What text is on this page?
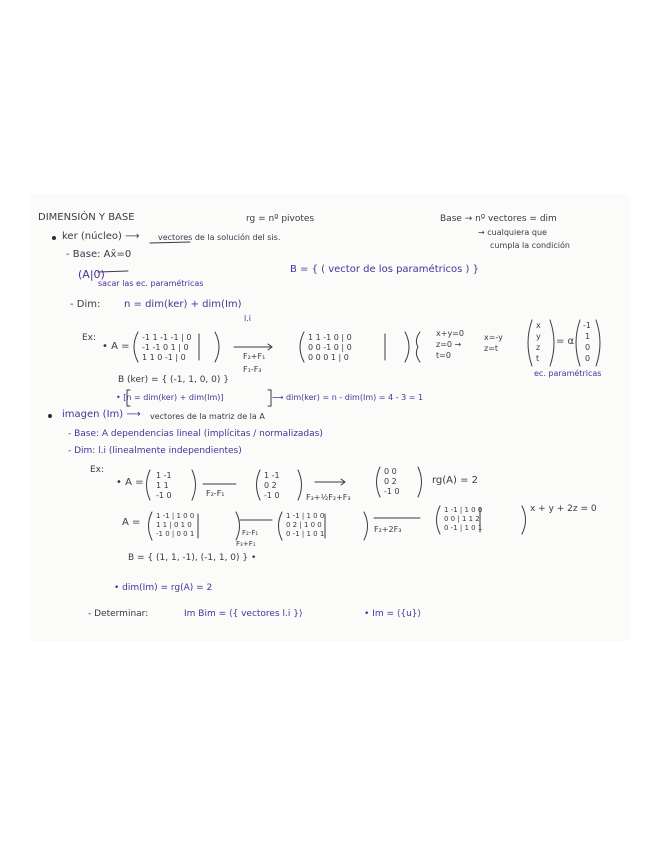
DIMENSIÓN Y BASE	rg = nº pivotes	Base → nº vectores = dim
→ cualquiera que
cumpla la condición
ker (núcleo) ⟶ vectores de la solución del sis.
- Base: Ax̄=0
(A|0)
sacar las ec. paramétricas
B = { ( vector de los paramétricos ) }
- Dim: n = dim(ker) + dim(Im)
l.i
Ex:
• A =
-1 1 -1 -1 | 0
-1 -1 0 1 | 0
1 1 0 -1 | 0	F₂+F₁
F₁-F₃
1 1 -1 0 | 0
0 0 -1 0 | 0
0 0 0 1 | 0
x+y=0
z=0 →
t=0
x=-y
z=t
x
y
z
t
= α
-1
1
0
0
ec. paramétricas
B (ker) = { (-1, 1, 0, 0) }
• [n = dim(ker) + dim(Im)]	⟶ dim(ker) = n - dim(Im) = 4 - 3 = 1
imagen (Im) ⟶ vectores de la matriz de la A
- Base: A dependencias lineal (implícitas / normalizadas)
- Dim: l.i (linealmente independientes)
Ex:
• A =
1 -1
1 1
-1 0	F₂-F₁
1 -1
0 2
-1 0	F₃+½F₂+F₃
0 0
0 2
-1 0
rg(A) = 2
A =
1 -1 | 1 0 0
1 1 | 0 1 0
-1 0 | 0 0 1	F₂-F₁
F₃+F₁
1 -1 | 1 0 0
0 2 | 1 0 0
0 -1 | 1 0 1	F₂+2F₃
1 -1 | 1 0 0
0 0 | 1 1 2
0 -1 | 1 0 1
x + y + 2z = 0
B = { (1, 1, -1), (-1, 1, 0) } •
• dim(Im) = rg(A) = 2
- Determinar:	Im Bim = ⟨{ vectores l.i }⟩	• Im = ⟨{u}⟩
